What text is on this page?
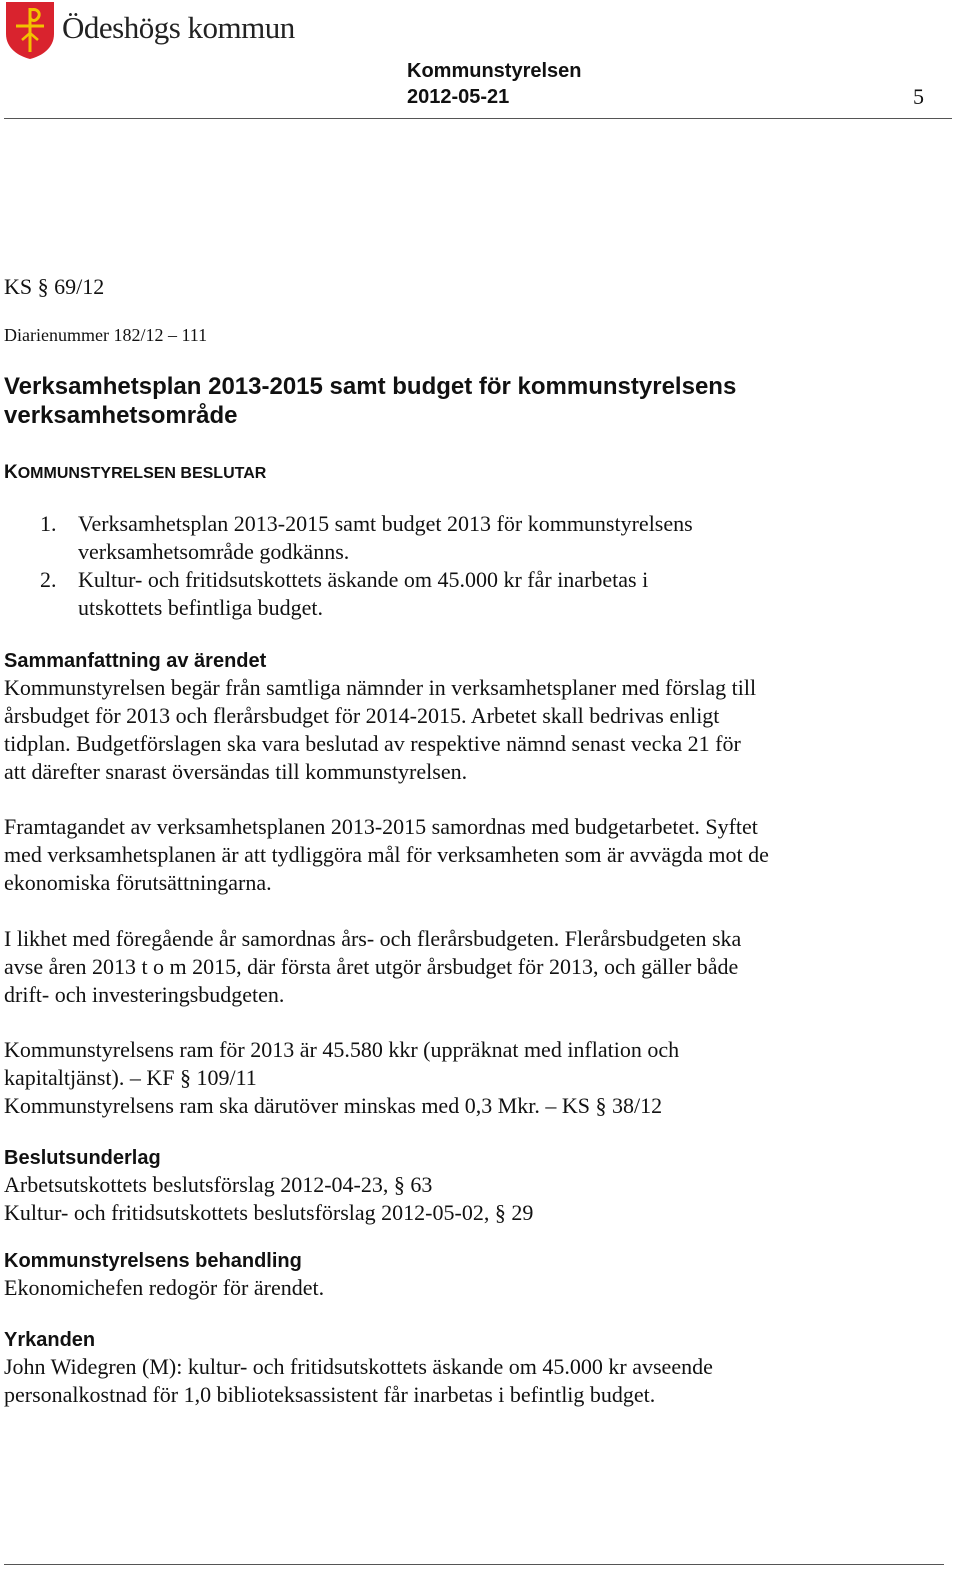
Ödeshögs kommun
Kommunstyrelsen
2012-05-21	5
KS § 69/12
Diarienummer 182/12 – 111
Verksamhetsplan 2013-2015 samt budget för kommunstyrelsens verksamhetsområde
KOMMUNSTYRELSEN BESLUTAR
1. Verksamhetsplan 2013-2015 samt budget 2013 för kommunstyrelsens verksamhetsområde godkänns.
2. Kultur- och fritidsutskottets äskande om 45.000 kr får inarbetas i utskottets befintliga budget.
Sammanfattning av ärendet
Kommunstyrelsen begär från samtliga nämnder in verksamhetsplaner med förslag till årsbudget för 2013 och flerårsbudget för 2014-2015. Arbetet skall bedrivas enligt tidplan. Budgetförslagen ska vara beslutad av respektive nämnd senast vecka 21 för att därefter snarast översändas till kommunstyrelsen.
Framtagandet av verksamhetsplanen 2013-2015 samordnas med budgetarbetet. Syftet med verksamhetsplanen är att tydliggöra mål för verksamheten som är avvägda mot de ekonomiska förutsättningarna.
I likhet med föregående år samordnas års- och flerårsbudgeten. Flerårsbudgeten ska avse åren 2013 t o m 2015, där första året utgör årsbudget för 2013, och gäller både drift- och investeringsbudgeten.
Kommunstyrelsens ram för 2013 är 45.580 kkr (uppräknat med inflation och kapitaltjänst). – KF § 109/11
Kommunstyrelsens ram ska därutöver minskas med 0,3 Mkr. – KS § 38/12
Beslutsunderlag
Arbetsutskottets beslutsförslag 2012-04-23, § 63
Kultur- och fritidsutskottets beslutsförslag 2012-05-02, § 29
Kommunstyrelsens behandling
Ekonomichefen redogör för ärendet.
Yrkanden
John Widegren (M): kultur- och fritidsutskottets äskande om 45.000 kr avseende personalkostnad för 1,0 biblioteksassistent får inarbetas i befintlig budget.
